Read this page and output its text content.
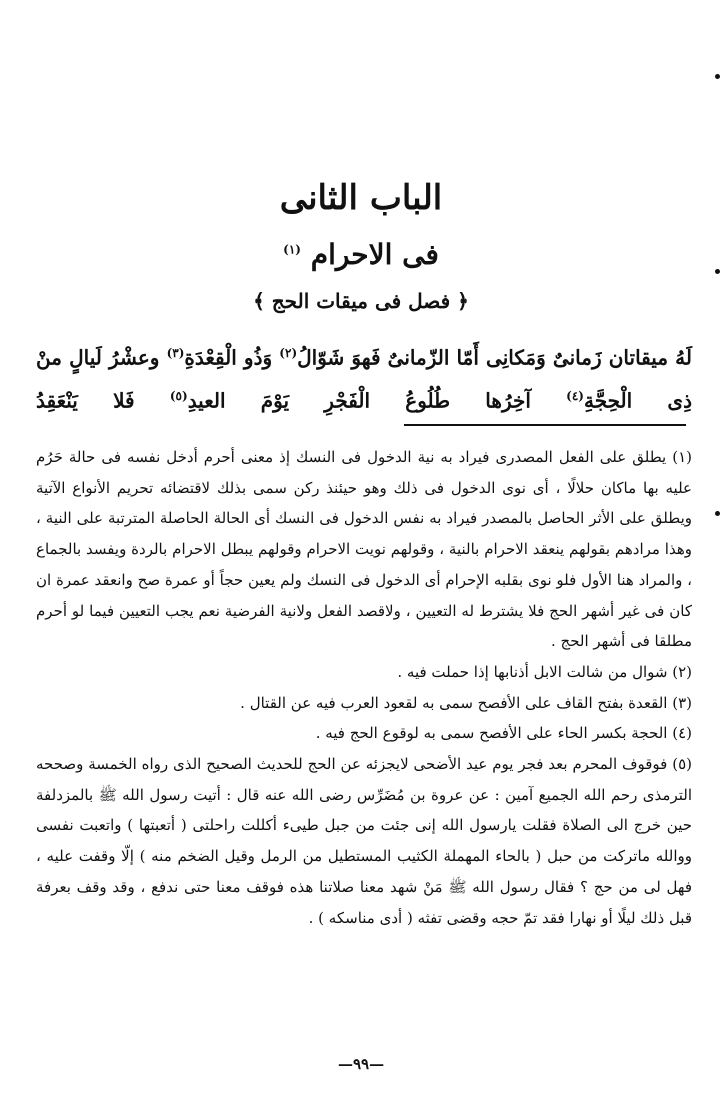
الباب الثانى
فى الاحرام $^{(١)}$
﴿ فصل فى ميقات الحج ﴾

لَهُ ميقاتان زَمانىٌ وَمَكانِى أَمّا الزّمانىٌ فَهوَ شَوّالُ$^{(٢)}$ وَذُو الْقِعْدَةِ$^{(٣)}$ وعشْرُ لَيالٍ منْ ذِى الْحِجَّةِ$^{(٤)}$ آخِرُها طُلُوعُ الْفَجْرِ يَوْمَ العيدِ$^{(٥)}$ فَلا يَنْعَقِدُ

(١) يطلق على الفعل المصدرى فيراد به نية الدخول فى النسك إذ معنى أحرم أدخل نفسه فى حالة حَرُم عليه بها ماكان حلالًا ، أى نوى الدخول فى ذلك وهو حيئنذ ركن سمى بذلك لاقتضائه تحريم الأنواع الآتية ويطلق على الأثر الحاصل بالمصدر فيراد به نفس الدخول فى النسك أى الحالة الحاصلة المترتبة على النية ، وهذا مرادهم بقولهم ينعقد الاحرام بالنية ، وقولهم نويت الاحرام وقولهم يبطل الاحرام بالردة ويفسد بالجماع ، والمراد هنا الأول فلو نوى بقلبه الإحرام أى الدخول فى النسك ولم يعين حجاً أو عمرة صح وانعقد عمرة ان كان فى غير أشهر الحج فلا يشترط له التعيين ، ولاقصد الفعل ولانية الفرضية نعم يجب التعيين فيما لو أحرم مطلقا فى أشهر الحج .

(٢) شوال من شالت الابل أذنابها إذا حملت فيه .

(٣) القعدة بفتح القاف على الأفصح سمى به لقعود العرب فيه عن القتال .

(٤) الحجة بكسر الحاء على الأفصح سمى به لوقوع الحج فيه .

(٥) فوقوف المحرم بعد فجر يوم عيد الأضحى لايجزئه عن الحج للحديث الصحيح الذى رواه الخمسة وصححه الترمذى رحم الله الجميع آمين : عن عروة بن مُضَرِّس رضى الله عنه قال : أتيت رسول الله ﷺ بالمزدلفة حين خرج الى الصلاة فقلت يارسول الله إنى جئت من جبل طيىء أكللت راحلتى ( أتعبتها ) واتعبت نفسى ووالله ماتركت من حبل ( بالحاء المهملة الكثيب المستطيل من الرمل وقيل الضخم منه ) إلّا وقفت عليه ، فهل لى من حج ؟ فقال رسول الله ﷺ مَنْ شهد معنا صلاتنا هذه فوقف معنا حتى ندفع ، وقد وقف بعرفة قبل ذلك ليلًا أو نهارا فقد تمّ حجه وقضى تفثه ( أدى مناسكه ) .

—٩٩—
